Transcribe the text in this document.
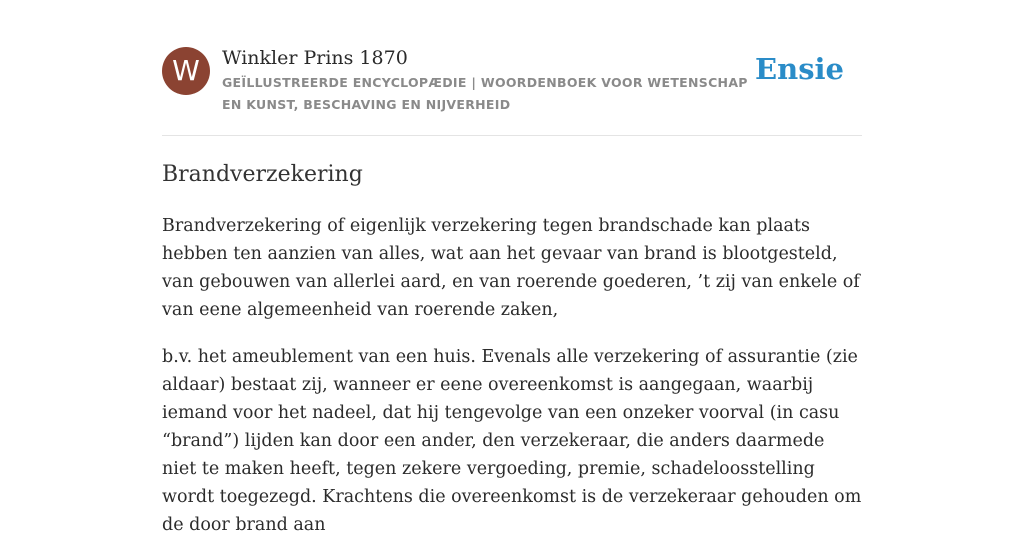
W	Winkler Prins 1870

GEÏLLUSTREERDE ENCYCLOPÆDIE | WOORDENBOEK VOOR WETENSCHAP EN KUNST, BESCHAVING EN NIJVERHEID

Ensie
Brandverzekering

Brandverzekering of eigenlijk verzekering tegen brandschade kan plaats hebben ten aanzien van alles, wat aan het gevaar van brand is blootgesteld, van gebouwen van allerlei aard, en van roerende goederen, ’t zij van enkele of van eene algemeenheid van roerende zaken,

b.v. het ameublement van een huis. Evenals alle verzekering of assurantie (zie aldaar) bestaat zij, wanneer er eene overeenkomst is aangegaan, waarbij iemand voor het nadeel, dat hij tengevolge van een onzeker voorval (in casu “brand”) lijden kan door een ander, den verzekeraar, die anders daarmede niet te maken heeft, tegen zekere vergoeding, premie, schadeloosstelling wordt toegezegd. Krachtens die overeenkomst is de verzekeraar gehouden om de door brand aan
